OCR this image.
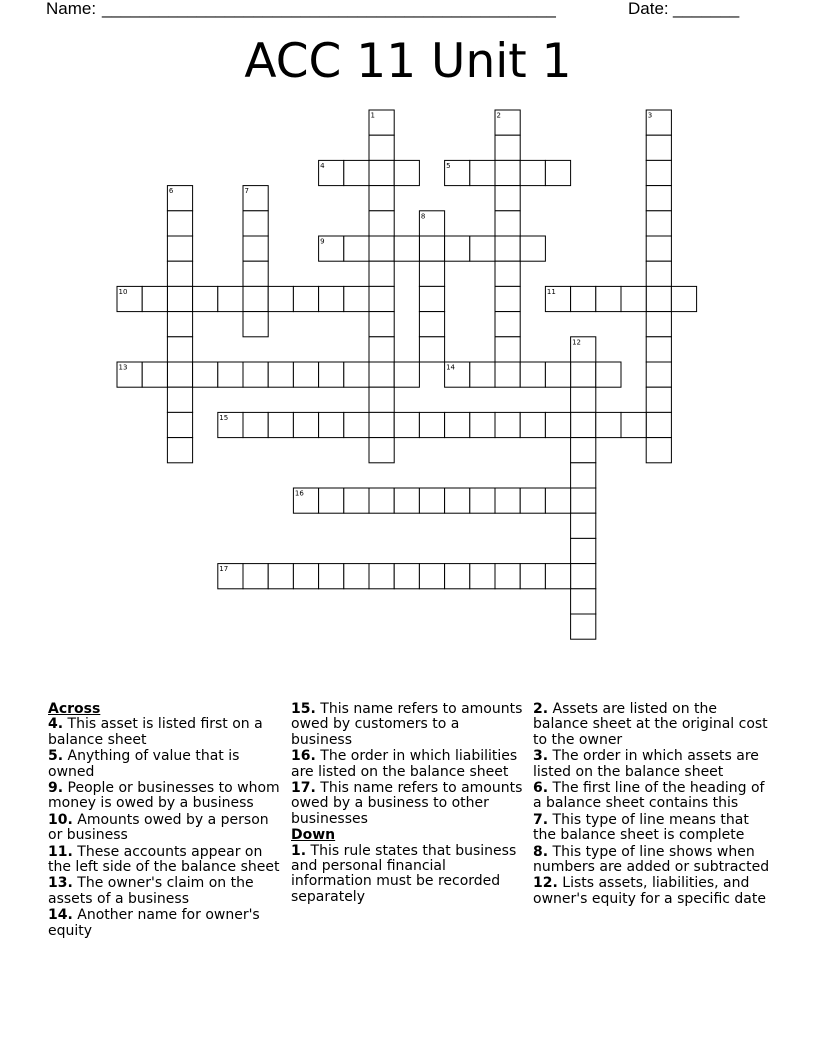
Name: ________________________________________________	Date: _______
ACC 11 Unit 1
1	2	3
4	5
6	7
8
9
10	11
12
13	14
15
16
17
Across
4. This asset is listed first on a balance sheet
5. Anything of value that is owned
9. People or businesses to whom money is owed by a business
10. Amounts owed by a person or business
11. These accounts appear on the left side of the balance sheet
13. The owner's claim on the assets of a business
14. Another name for owner's equity
15. This name refers to amounts owed by customers to a business
16. The order in which liabilities are listed on the balance sheet
17. This name refers to amounts owed by a business to other businesses
Down
1. This rule states that business and personal financial information must be recorded separately
2. Assets are listed on the balance sheet at the original cost to the owner
3. The order in which assets are listed on the balance sheet
6. The first line of the heading of a balance sheet contains this
7. This type of line means that the balance sheet is complete
8. This type of line shows when numbers are added or subtracted
12. Lists assets, liabilities, and owner's equity for a specific date
